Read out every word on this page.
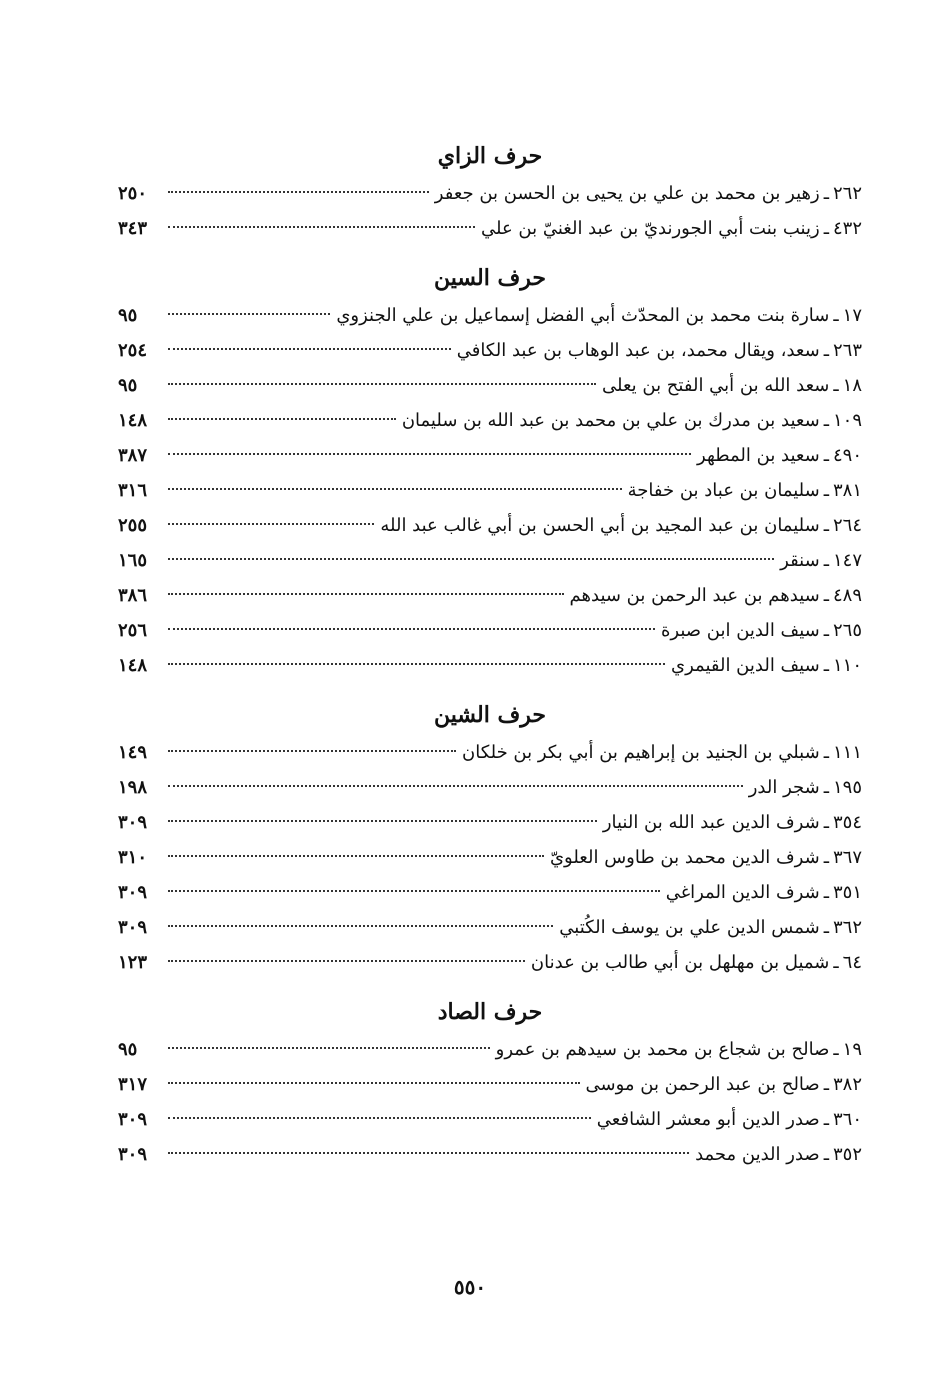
حرف الزاي
٢٦٢
ـ
زهير بن محمد بن علي بن يحيى بن الحسن بن جعفر
٢٥٠
٤٣٢
ـ
زينب بنت أبي الجورنديّ بن عبد الغنيّ بن علي
٣٤٣
حرف السين
١٧
ـ
سارة بنت محمد بن المحدّث أبي الفضل إسماعيل بن علي الجنزوي
٩٥
٢٦٣
ـ
سعد، ويقال محمد، بن عبد الوهاب بن عبد الكافي
٢٥٤
١٨
ـ
سعد الله بن أبي الفتح بن يعلى
٩٥
١٠٩
ـ
سعيد بن مدرك بن علي بن محمد بن عبد الله بن سليمان
١٤٨
٤٩٠
ـ
سعيد بن المطهر
٣٨٧
٣٨١
ـ
سليمان بن عباد بن خفاجة
٣١٦
٢٦٤
ـ
سليمان بن عبد المجيد بن أبي الحسن بن أبي غالب عبد الله
٢٥٥
١٤٧
ـ
سنقر
١٦٥
٤٨٩
ـ
سيدهم بن عبد الرحمن بن سيدهم
٣٨٦
٢٦٥
ـ
سيف الدين ابن صبرة
٢٥٦
١١٠
ـ
سيف الدين القيمري
١٤٨
حرف الشين
١١١
ـ
شبلي بن الجنيد بن إبراهيم بن أبي بكر بن خلكان
١٤٩
١٩٥
ـ
شجر الدر
١٩٨
٣٥٤
ـ
شرف الدين عبد الله بن النيار
٣٠٩
٣٦٧
ـ
شرف الدين محمد بن طاوس العلويّ
٣١٠
٣٥١
ـ
شرف الدين المراغي
٣٠٩
٣٦٢
ـ
شمس الدين علي بن يوسف الكُتبي
٣٠٩
٦٤
ـ
شميل بن مهلهل بن أبي طالب بن عدنان
١٢٣
حرف الصاد
١٩
ـ
صالح بن شجاع بن محمد بن سيدهم بن عمرو
٩٥
٣٨٢
ـ
صالح بن عبد الرحمن بن موسى
٣١٧
٣٦٠
ـ
صدر الدين أبو معشر الشافعي
٣٠٩
٣٥٢
ـ
صدر الدين محمد
٣٠٩
٥٥٠
